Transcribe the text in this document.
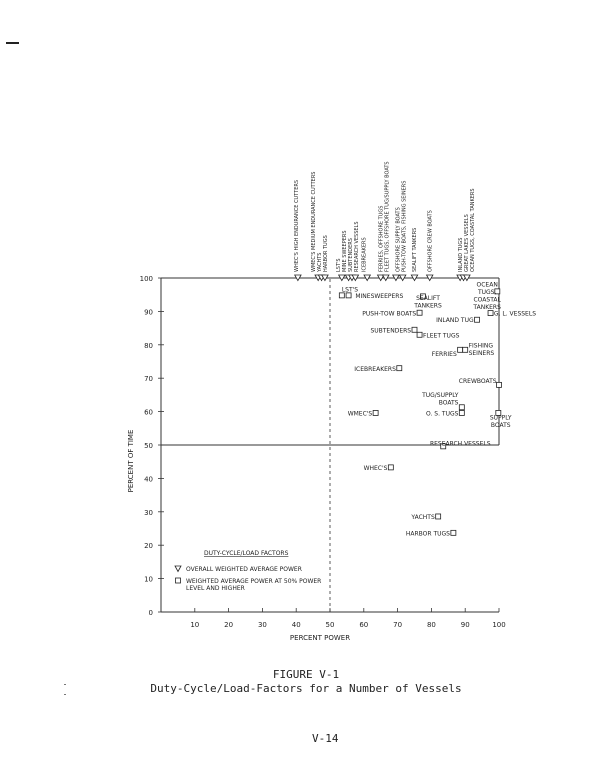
0
10
20
30
40
50
60
70
80
90
100
10	20	30	40	50	60	70	80	90	100
PERCENT POWER
PERCENT OF TIME
WHEC'S HIGH ENDURANCE CUTTERS WMEC'S MEDIUM ENDURANCE CUTTERS YACHTS HARBOR TUGS LST'S MINE SWEEPERS SUBTENDERS RESEARCH VESSELS ICEBREAKERS FERRIES, OFFSHORE TUGS FLEET TUGS, OFFSHORE TUG/SUPPLY BOATS OFFSHORE SUPPLY BOATS PUSH-TOW BOATS, FISHING SEINERS SEALIFT TANKERS OFFSHORE CREW BOATS	INLAND TUGS GREAT LAKES VESSELS OCEAN TUGS, COASTAL TANKERS
LST'S
MINESWEEPERS SEALIFT
TANKERS
OCEAN
TUGS,
COASTAL
TANKERS
PUSH-TOW BOATS	G. L. VESSELS
INLAND TUG
SUBTENDERS
FLEET TUGS
FERRIES
FISHING
SEINERS
ICEBREAKERS
CREWBOATS
TUG/SUPPLY
BOATS
O. S. TUGS
SUPPLY
BOATS
WMEC'S
RESEARCH VESSELS
WHEC'S
YACHTS
HARBOR TUGS
DUTY-CYCLE/LOAD FACTORS
OVERALL WEIGHTED AVERAGE POWER
WEIGHTED AVERAGE POWER AT 50% POWER LEVEL AND HIGHER
FIGURE V-1
Duty-Cycle/Load-Factors for a Number of Vessels
V-14
